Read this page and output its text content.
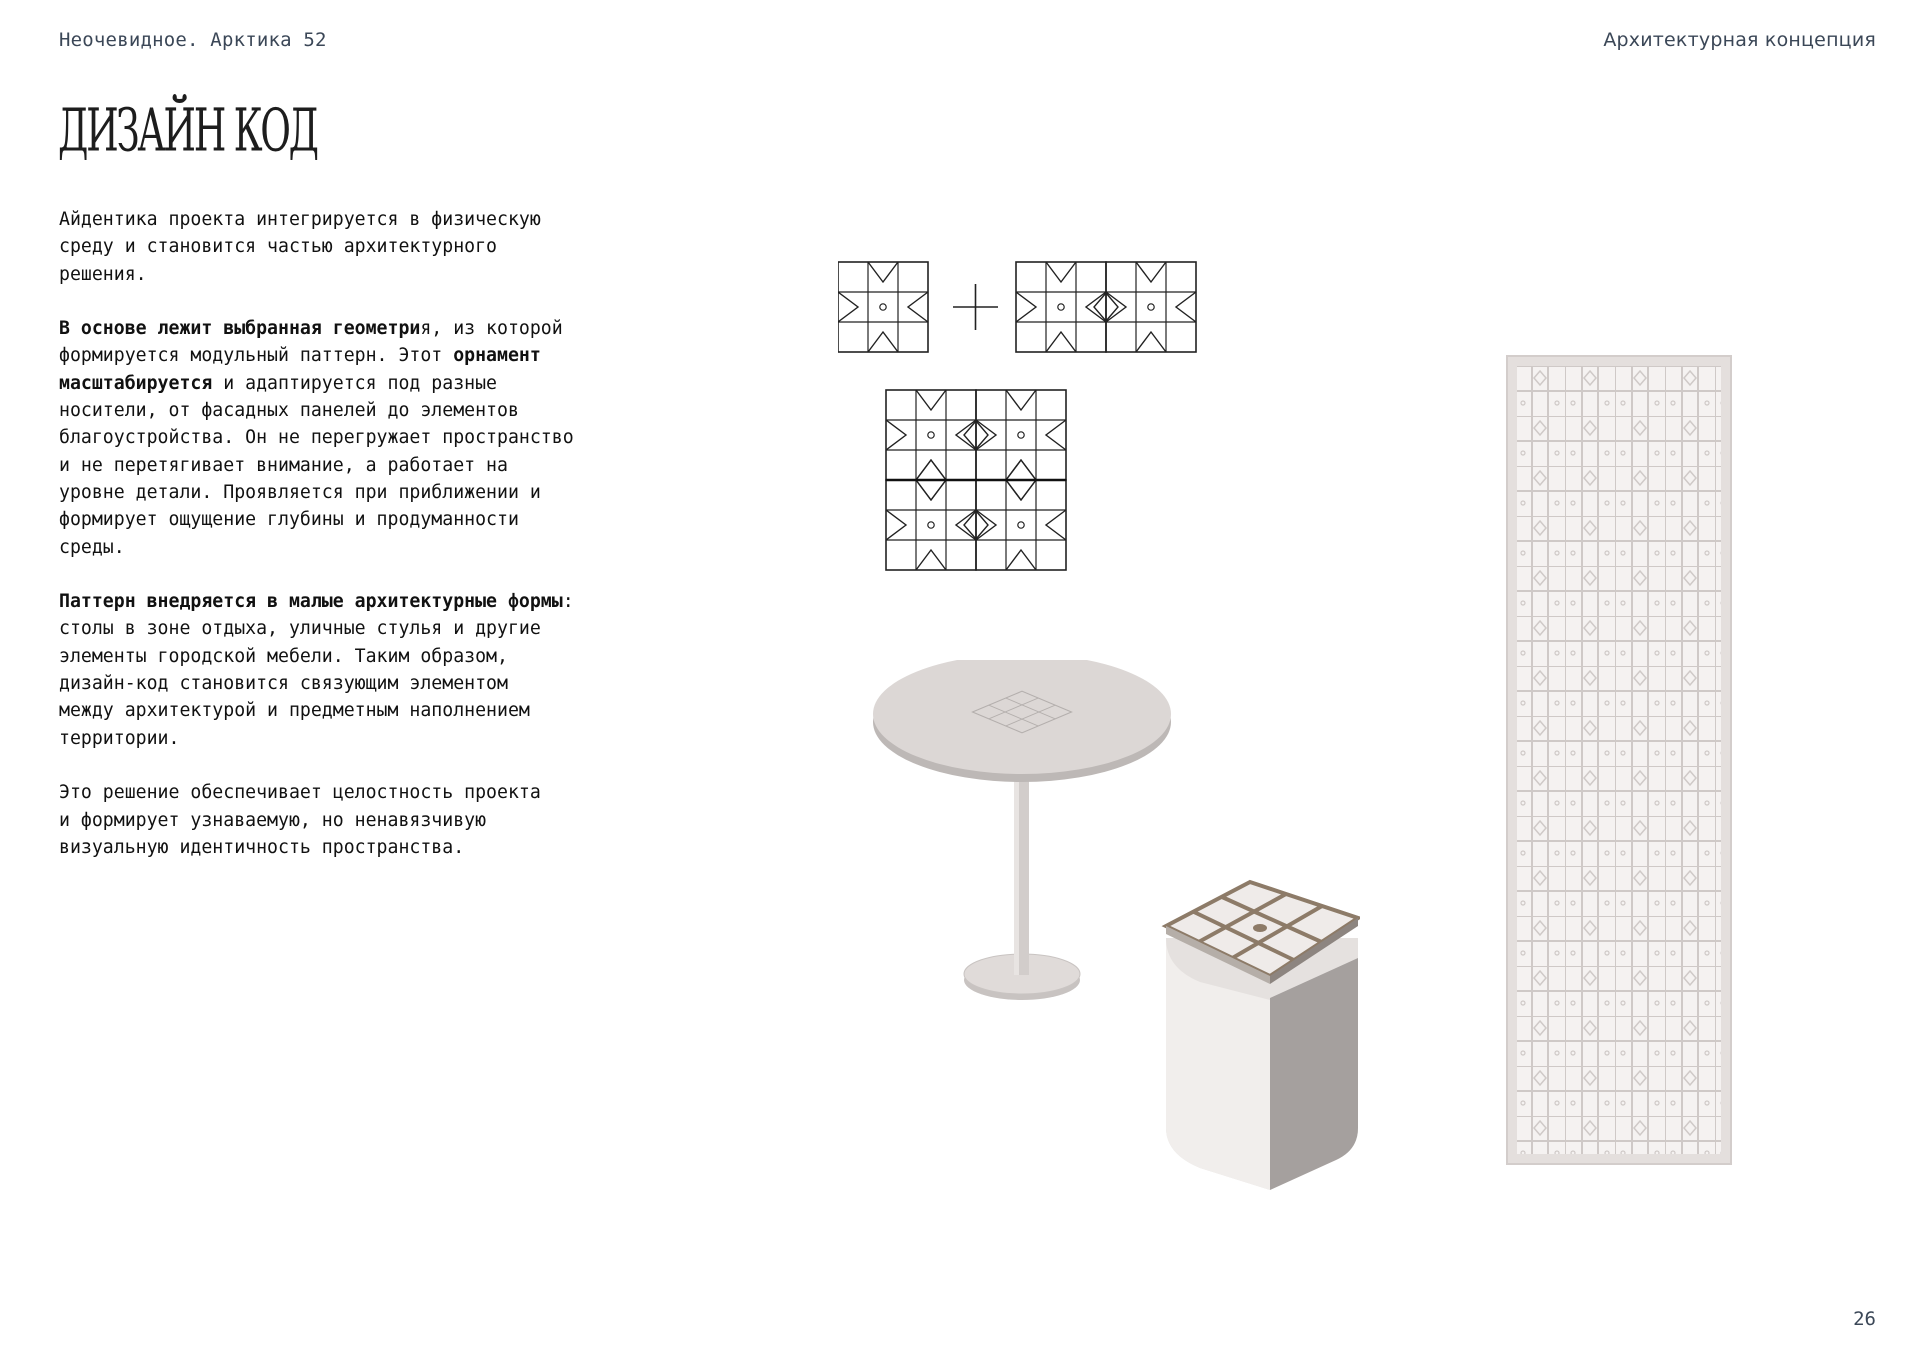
Неочевидное. Арктика 52	Архитектурная концепция
ДИЗАЙН КОД

Айдентика проекта интегрируется в физическую
среду и становится частью архитектурного
решения.

В основе лежит выбранная геометрия, из которой
формируется модульный паттерн. Этот орнамент
масштабируется и адаптируется под разные
носители, от фасадных панелей до элементов
благоустройства. Он не перегружает пространство
и не перетягивает внимание, а работает на
уровне детали. Проявляется при приближении и
формирует ощущение глубины и продуманности
среды.

Паттерн внедряется в малые архитектурные формы:
столы в зоне отдыха, уличные стулья и другие
элементы городской мебели. Таким образом,
дизайн-код становится связующим элементом
между архитектурой и предметным наполнением
территории.

Это решение обеспечивает целостность проекта
и формирует узнаваемую, но ненавязчивую
визуальную идентичность пространства.

26
